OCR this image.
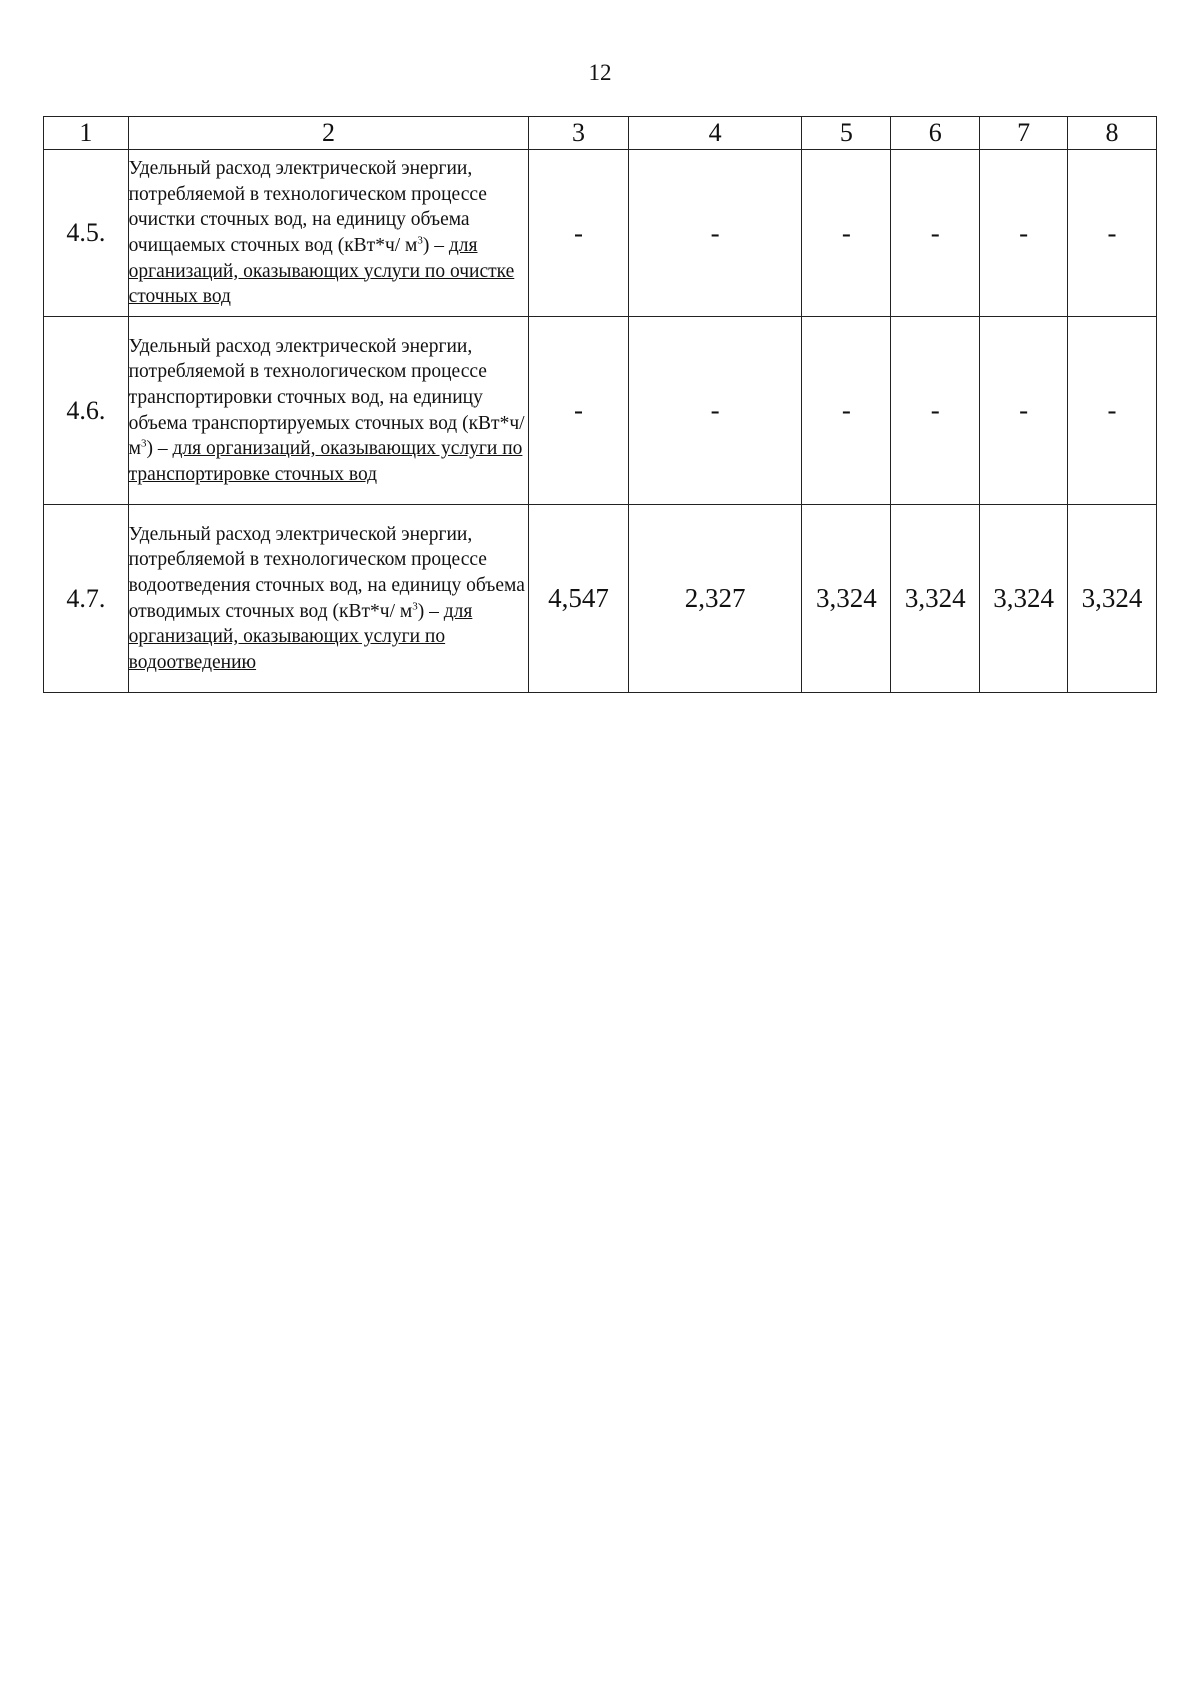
12
1	2	3	4	5	6	7	8
4.5.	Удельный расход электрической энергии, потребляемой в технологическом процессе очистки сточных вод, на единицу объема очищаемых сточных вод (кВт*ч/ $м^3$) – для организаций, оказывающих услуги по очистке сточных вод	-	-	-	-	-	-
4.6.	Удельный расход электрической энергии, потребляемой в технологическом процессе транспортировки сточных вод, на единицу объема транспортируемых сточных вод (кВт*ч/ $м^3$) – для организаций, оказывающих услуги по транспортировке сточных вод	-	-	-	-	-	-
4.7.	Удельный расход электрической энергии, потребляемой в технологическом процессе водоотведения сточных вод, на единицу объема отводимых сточных вод (кВт*ч/ $м^3$) – для организаций, оказывающих услуги по водоотведению	4,547	2,327	3,324	3,324	3,324	3,324
